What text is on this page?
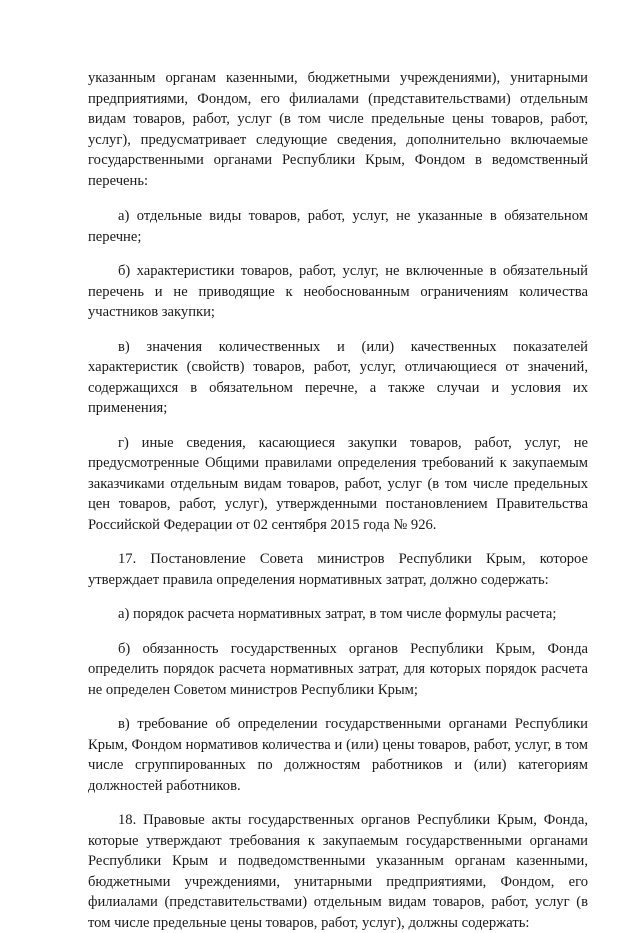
указанным органам казенными, бюджетными учреждениями), унитарными предприятиями, Фондом, его филиалами (представительствами) отдельным видам товаров, работ, услуг (в том числе предельные цены товаров, работ, услуг), предусматривает следующие сведения, дополнительно включаемые государственными органами Республики Крым, Фондом в ведомственный перечень:

а) отдельные виды товаров, работ, услуг, не указанные в обязательном перечне;

б) характеристики товаров, работ, услуг, не включенные в обязательный перечень и не приводящие к необоснованным ограничениям количества участников закупки;

в) значения количественных и (или) качественных показателей характеристик (свойств) товаров, работ, услуг, отличающиеся от значений, содержащихся в обязательном перечне, а также случаи и условия их применения;

г) иные сведения, касающиеся закупки товаров, работ, услуг, не предусмотренные Общими правилами определения требований к закупаемым заказчиками отдельным видам товаров, работ, услуг (в том числе предельных цен товаров, работ, услуг), утвержденными постановлением Правительства Российской Федерации от 02 сентября 2015 года № 926.

17. Постановление Совета министров Республики Крым, которое утверждает правила определения нормативных затрат, должно содержать:

а) порядок расчета нормативных затрат, в том числе формулы расчета;

б) обязанность государственных органов Республики Крым, Фонда определить порядок расчета нормативных затрат, для которых порядок расчета не определен Советом министров Республики Крым;

в) требование об определении государственными органами Республики Крым, Фондом нормативов количества и (или) цены товаров, работ, услуг, в том числе сгруппированных по должностям работников и (или) категориям должностей работников.

18. Правовые акты государственных органов Республики Крым, Фонда, которые утверждают требования к закупаемым государственными органами Республики Крым и подведомственными указанным органам казенными, бюджетными учреждениями, унитарными предприятиями, Фондом, его филиалами (представительствами) отдельным видам товаров, работ, услуг (в том числе предельные цены товаров, работ, услуг), должны содержать:
